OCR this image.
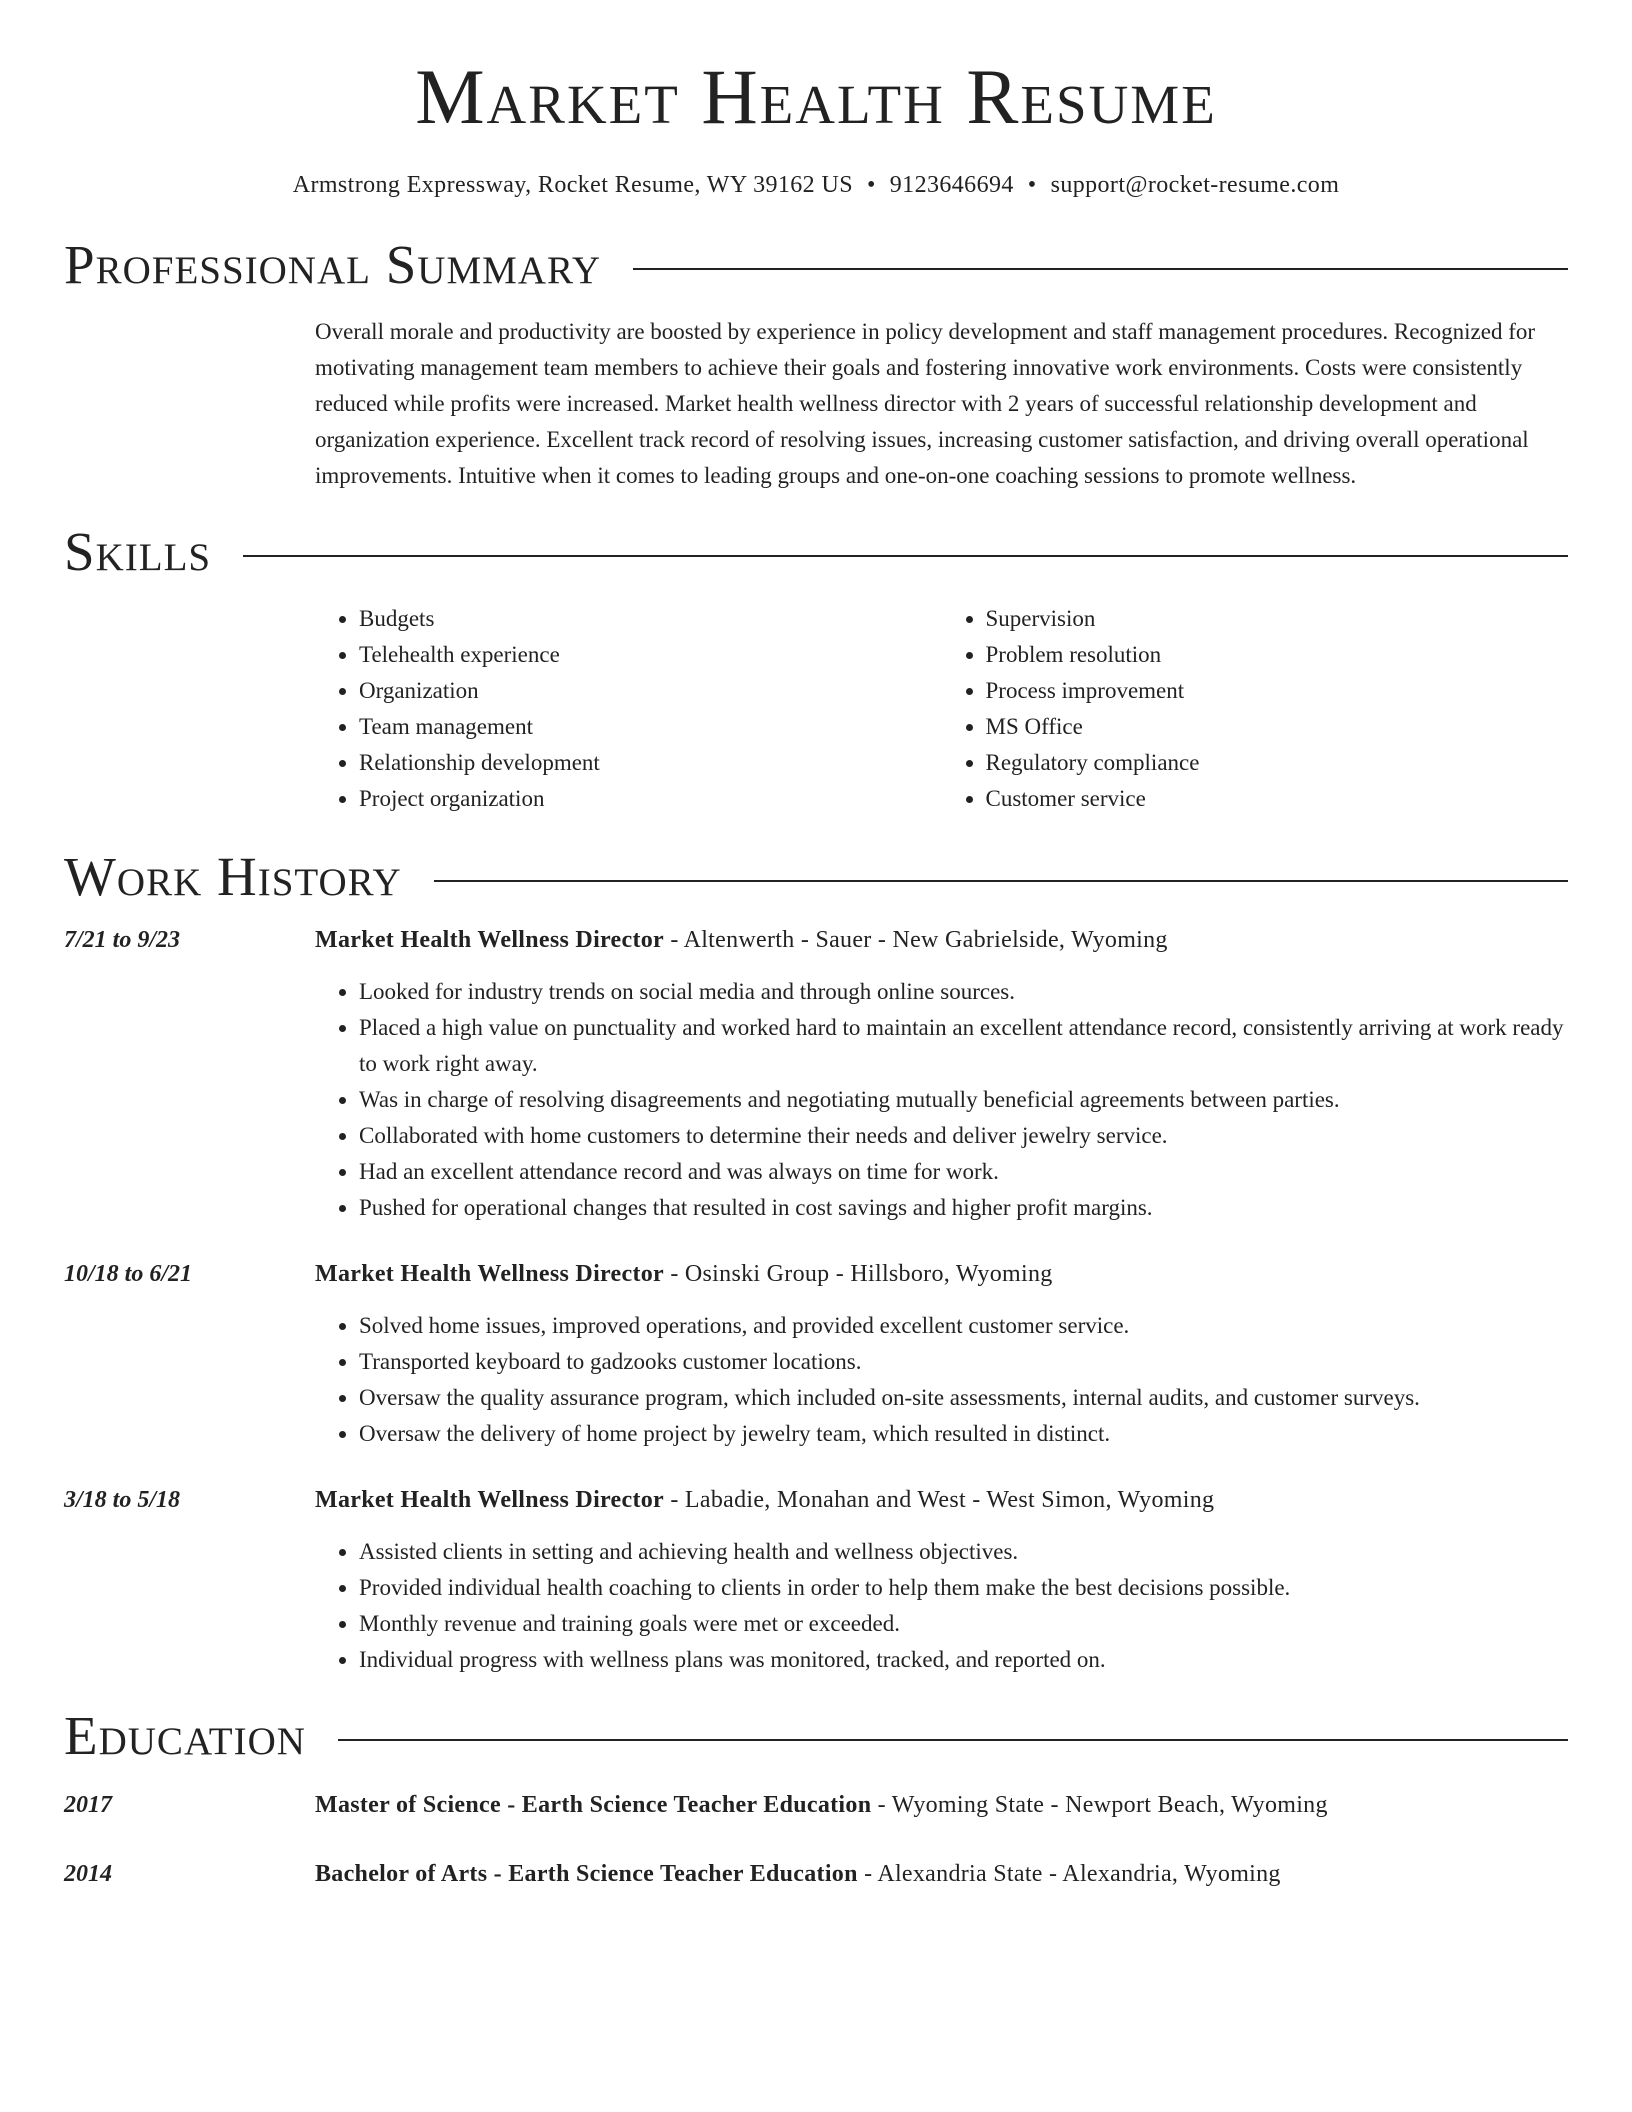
Market Health Resume
Armstrong Expressway, Rocket Resume, WY 39162 US • 9123646694 • support@rocket-resume.com
Professional Summary
Overall morale and productivity are boosted by experience in policy development and staff management procedures. Recognized for motivating management team members to achieve their goals and fostering innovative work environments. Costs were consistently reduced while profits were increased. Market health wellness director with 2 years of successful relationship development and organization experience. Excellent track record of resolving issues, increasing customer satisfaction, and driving overall operational improvements. Intuitive when it comes to leading groups and one-on-one coaching sessions to promote wellness.
Skills
• Budgets
• Telehealth experience
• Organization
• Team management
• Relationship development
• Project organization
• Supervision
• Problem resolution
• Process improvement
• MS Office
• Regulatory compliance
• Customer service
Work History
7/21 to 9/23	Market Health Wellness Director - Altenwerth - Sauer - New Gabrielside, Wyoming
• Looked for industry trends on social media and through online sources.
• Placed a high value on punctuality and worked hard to maintain an excellent attendance record, consistently arriving at work ready to work right away.
• Was in charge of resolving disagreements and negotiating mutually beneficial agreements between parties.
• Collaborated with home customers to determine their needs and deliver jewelry service.
• Had an excellent attendance record and was always on time for work.
• Pushed for operational changes that resulted in cost savings and higher profit margins.
10/18 to 6/21	Market Health Wellness Director - Osinski Group - Hillsboro, Wyoming
• Solved home issues, improved operations, and provided excellent customer service.
• Transported keyboard to gadzooks customer locations.
• Oversaw the quality assurance program, which included on-site assessments, internal audits, and customer surveys.
• Oversaw the delivery of home project by jewelry team, which resulted in distinct.
3/18 to 5/18	Market Health Wellness Director - Labadie, Monahan and West - West Simon, Wyoming
• Assisted clients in setting and achieving health and wellness objectives.
• Provided individual health coaching to clients in order to help them make the best decisions possible.
• Monthly revenue and training goals were met or exceeded.
• Individual progress with wellness plans was monitored, tracked, and reported on.
Education
2017	Master of Science - Earth Science Teacher Education - Wyoming State - Newport Beach, Wyoming
2014	Bachelor of Arts - Earth Science Teacher Education - Alexandria State - Alexandria, Wyoming
